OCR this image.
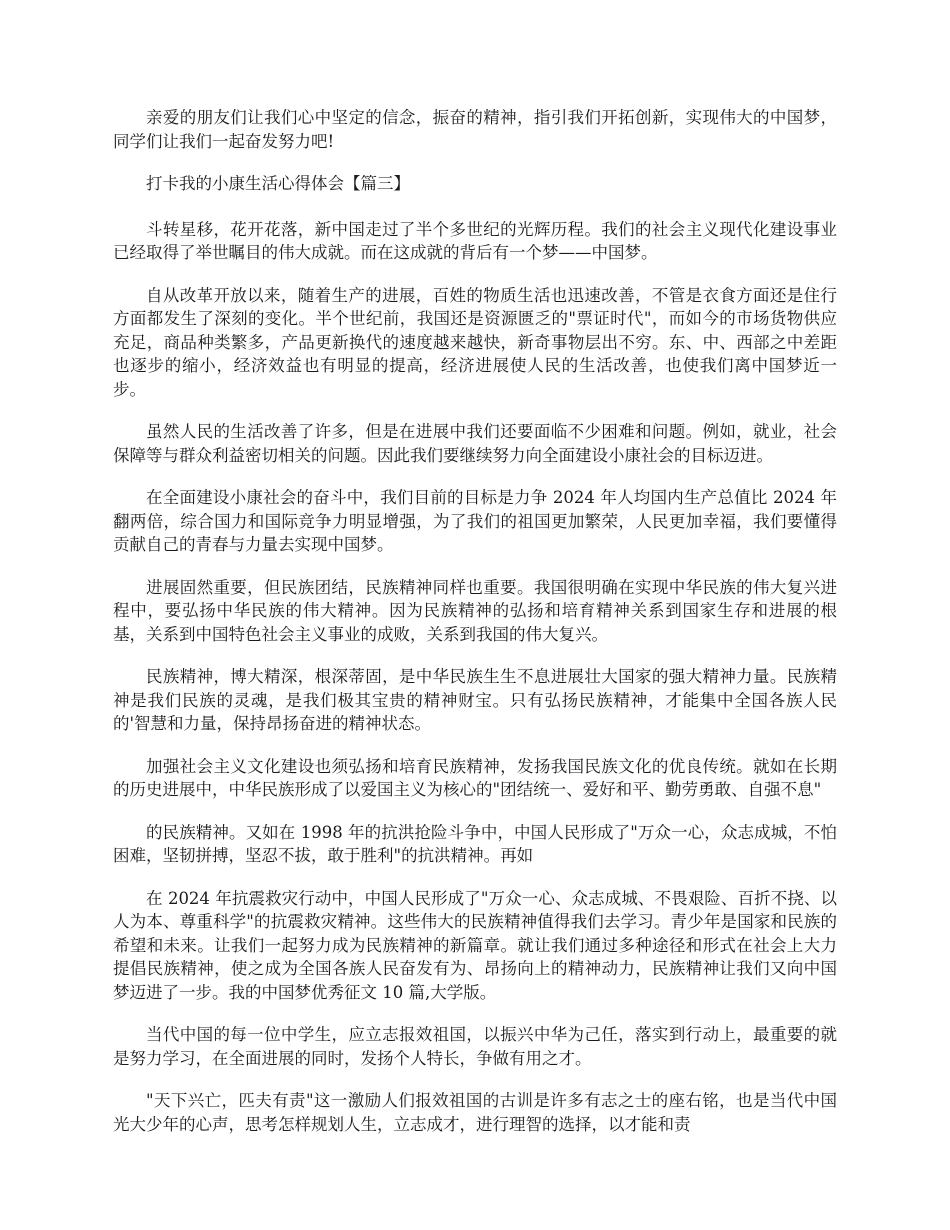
亲爱的朋友们让我们心中坚定的信念，振奋的精神，指引我们开拓创新，实现伟大的中国梦，同学们让我们一起奋发努力吧!

打卡我的小康生活心得体会【篇三】

斗转星移，花开花落，新中国走过了半个多世纪的光辉历程。我们的社会主义现代化建设事业已经取得了举世瞩目的伟大成就。而在这成就的背后有一个梦——中国梦。

自从改革开放以来，随着生产的进展，百姓的物质生活也迅速改善，不管是衣食方面还是住行方面都发生了深刻的变化。半个世纪前，我国还是资源匮乏的"票证时代"，而如今的市场货物供应充足，商品种类繁多，产品更新换代的速度越来越快，新奇事物层出不穷。东、中、西部之中差距也逐步的缩小，经济效益也有明显的提高，经济进展使人民的生活改善，也使我们离中国梦近一步。

虽然人民的生活改善了许多，但是在进展中我们还要面临不少困难和问题。例如，就业，社会保障等与群众利益密切相关的问题。因此我们要继续努力向全面建设小康社会的目标迈进。

在全面建设小康社会的奋斗中，我们目前的目标是力争 2024 年人均国内生产总值比 2024 年翻两倍，综合国力和国际竞争力明显增强，为了我们的祖国更加繁荣，人民更加幸福，我们要懂得贡献自己的青春与力量去实现中国梦。

进展固然重要，但民族团结，民族精神同样也重要。我国很明确在实现中华民族的伟大复兴进程中，要弘扬中华民族的伟大精神。因为民族精神的弘扬和培育精神关系到国家生存和进展的根基，关系到中国特色社会主义事业的成败，关系到我国的伟大复兴。

民族精神，博大精深，根深蒂固，是中华民族生生不息进展壮大国家的强大精神力量。民族精神是我们民族的灵魂，是我们极其宝贵的精神财宝。只有弘扬民族精神，才能集中全国各族人民的'智慧和力量，保持昂扬奋进的精神状态。

加强社会主义文化建设也须弘扬和培育民族精神，发扬我国民族文化的优良传统。就如在长期的历史进展中，中华民族形成了以爱国主义为核心的"团结统一、爱好和平、勤劳勇敢、自强不息"

的民族精神。又如在 1998 年的抗洪抢险斗争中，中国人民形成了"万众一心，众志成城，不怕困难，坚韧拼搏，坚忍不拔，敢于胜利"的抗洪精神。再如

在 2024 年抗震救灾行动中，中国人民形成了"万众一心、众志成城、不畏艰险、百折不挠、以人为本、尊重科学"的抗震救灾精神。这些伟大的民族精神值得我们去学习。青少年是国家和民族的希望和未来。让我们一起努力成为民族精神的新篇章。就让我们通过多种途径和形式在社会上大力提倡民族精神，使之成为全国各族人民奋发有为、昂扬向上的精神动力，民族精神让我们又向中国梦迈进了一步。我的中国梦优秀征文 10 篇,大学版。

当代中国的每一位中学生，应立志报效祖国，以振兴中华为己任，落实到行动上，最重要的就是努力学习，在全面进展的同时，发扬个人特长，争做有用之才。

"天下兴亡，匹夫有责"这一激励人们报效祖国的古训是许多有志之士的座右铭，也是当代中国光大少年的心声，思考怎样规划人生，立志成才，进行理智的选择，以才能和责
